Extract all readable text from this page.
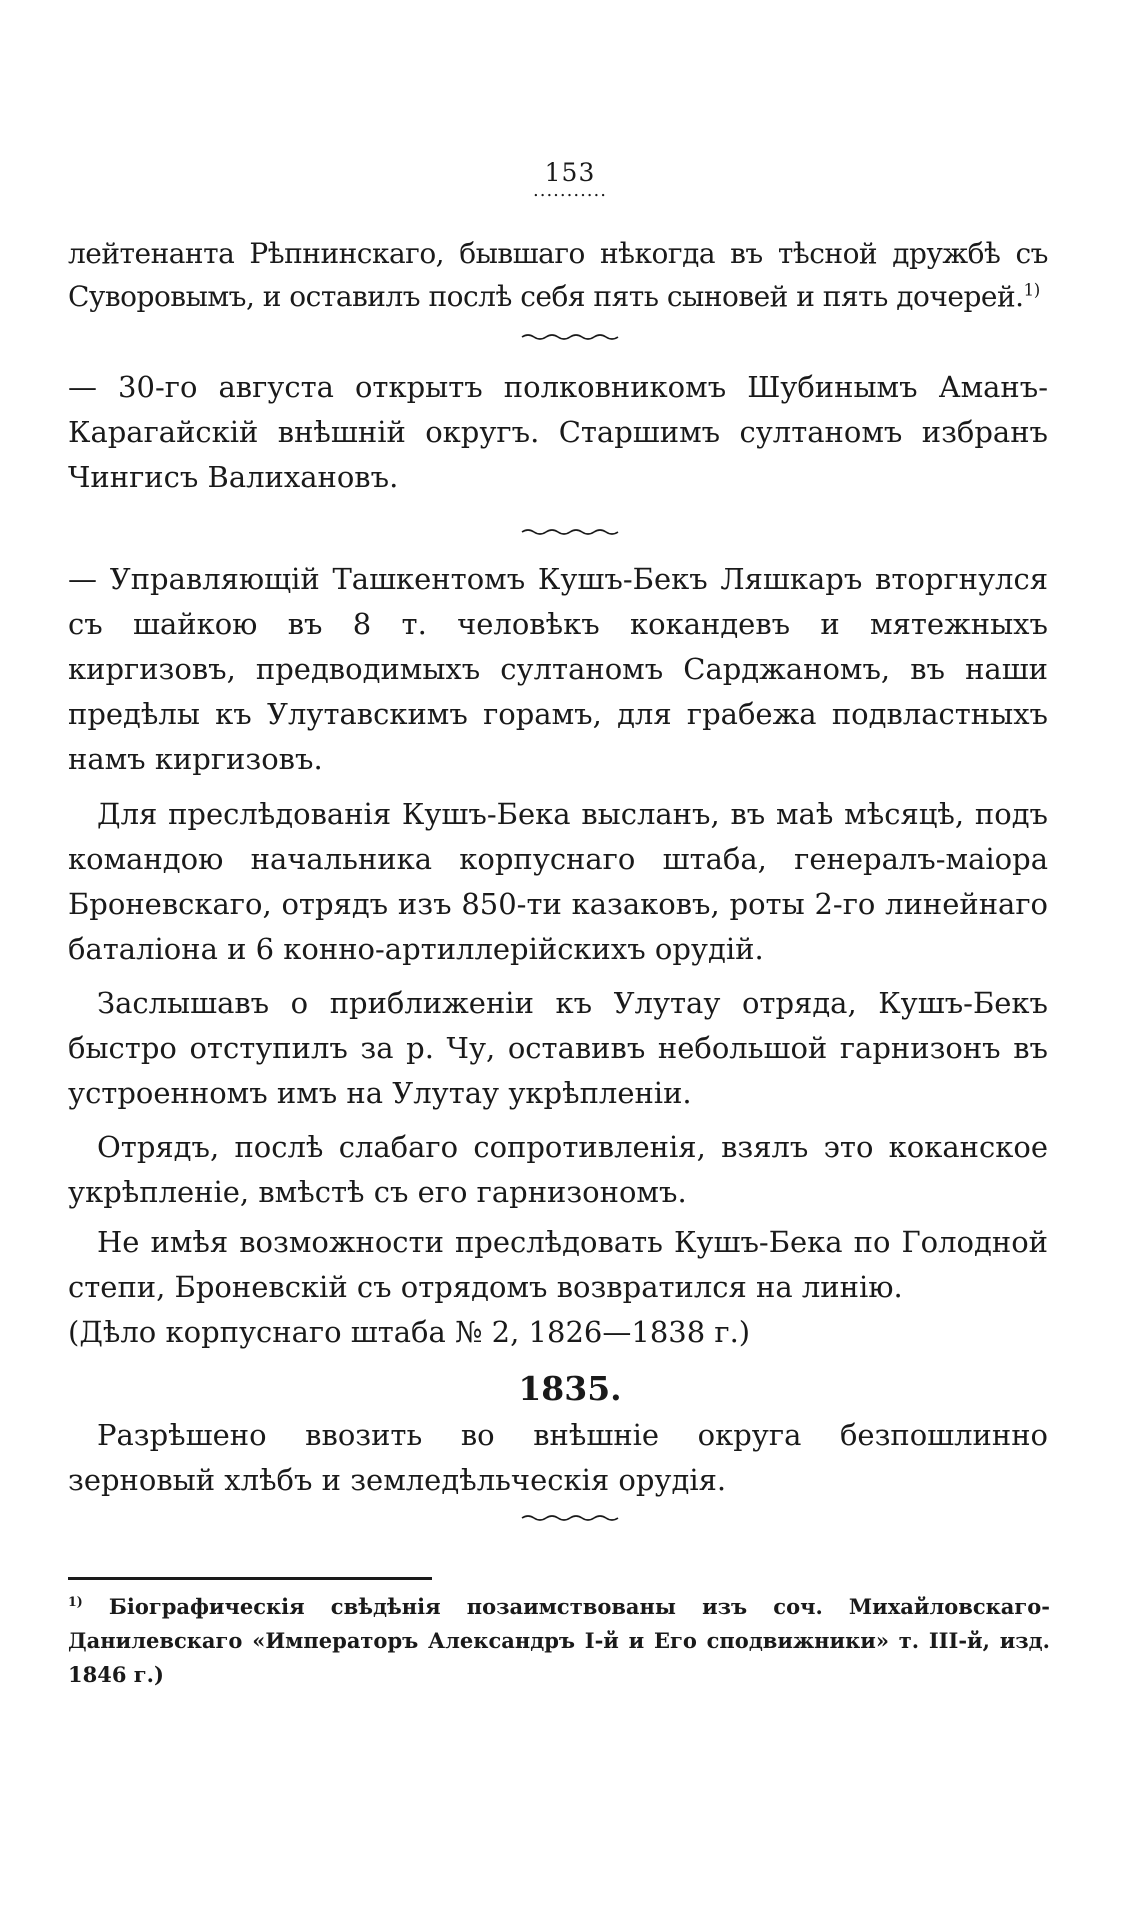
153
...........

лейтенанта Рѣпнинскаго, бывшаго нѣкогда въ тѣсной дружбѣ съ Суворовымъ, и оставилъ послѣ себя пять сыновей и пять дочерей.$^{1)}$

— 30-го августа открытъ полковникомъ Шубинымъ Аманъ-Карагайскій внѣшній округъ. Старшимъ султаномъ избранъ Чингисъ Валихановъ.

— Управляющій Ташкентомъ Кушъ-Бекъ Ляшкаръ вторгнулся съ шайкою въ 8 т. человѣкъ кокандевъ и мятежныхъ киргизовъ, предводимыхъ султаномъ Сарджаномъ, въ наши предѣлы къ Улутавскимъ горамъ, для грабежа подвластныхъ намъ киргизовъ.

Для преслѣдованія Кушъ-Бека высланъ, въ маѣ мѣсяцѣ, подъ командою начальника корпуснаго штаба, генералъ-маіора Броневскаго, отрядъ изъ 850-ти казаковъ, роты 2-го линейнаго баталіона и 6 конно-артиллерійскихъ орудій.

Заслышавъ о приближеніи къ Улутау отряда, Кушъ-Бекъ быстро отступилъ за р. Чу, оставивъ небольшой гарнизонъ въ устроенномъ имъ на Улутау укрѣпленіи.

Отрядъ, послѣ слабаго сопротивленія, взялъ это коканское укрѣпленіе, вмѣстѣ съ его гарнизономъ.

Не имѣя возможности преслѣдовать Кушъ-Бека по Голодной степи, Броневскій съ отрядомъ возвратился на линію.

(Дѣло корпуснаго штаба № 2, 1826—1838 г.)

1835.

Разрѣшено ввозить во внѣшніе округа безпошлинно зерновый хлѣбъ и земледѣльческія орудія.

$^{1)}$ Біографическія свѣдѣнія позаимствованы изъ соч. Михайловскаго-Данилевскаго «Императоръ Александръ І-й и Его сподвижники» т. III-й, изд. 1846 г.)
